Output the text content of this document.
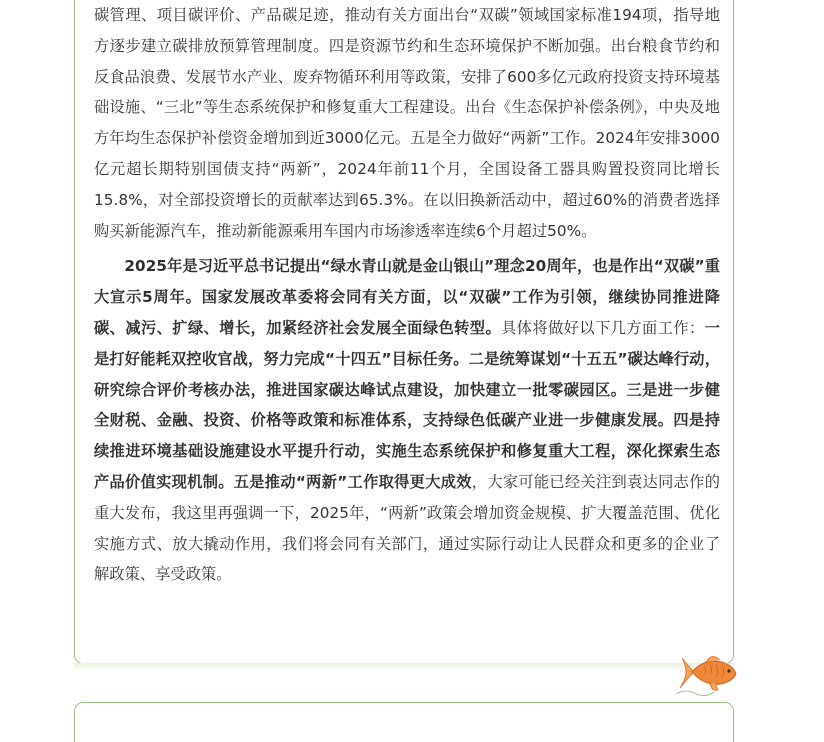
碳管理、项目碳评价、产品碳足迹，推动有关方面出台“双碳”领域国家标准194项，指导地方逐步建立碳排放预算管理制度。四是资源节约和生态环境保护不断加强。出台粮食节约和反食品浪费、发展节水产业、废弃物循环利用等政策，安排了600多亿元政府投资支持环境基础设施、“三北”等生态系统保护和修复重大工程建设。出台《生态保护补偿条例》，中央及地方年均生态保护补偿资金增加到近3000亿元。五是全力做好“两新”工作。2024年安排3000亿元超长期特别国债支持“两新”，2024年前11个月，全国设备工器具购置投资同比增长15.8%，对全部投资增长的贡献率达到65.3%。在以旧换新活动中，超过60%的消费者选择购买新能源汽车，推动新能源乘用车国内市场渗透率连续6个月超过50%。

2025年是习近平总书记提出“绿水青山就是金山银山”理念20周年，也是作出“双碳”重大宣示5周年。国家发展改革委将会同有关方面，以“双碳”工作为引领，继续协同推进降碳、减污、扩绿、增长，加紧经济社会发展全面绿色转型。具体将做好以下几方面工作：一是打好能耗双控收官战，努力完成“十四五”目标任务。二是统筹谋划“十五五”碳达峰行动，研究综合评价考核办法，推进国家碳达峰试点建设，加快建立一批零碳园区。三是进一步健全财税、金融、投资、价格等政策和标准体系，支持绿色低碳产业进一步健康发展。四是持续推进环境基础设施建设水平提升行动，实施生态系统保护和修复重大工程，深化探索生态产品价值实现机制。五是推动“两新”工作取得更大成效，大家可能已经关注到袁达同志作的重大发布，我这里再强调一下，2025年，“两新”政策会增加资金规模、扩大覆盖范围、优化实施方式、放大撬动作用，我们将会同有关部门，通过实际行动让人民群众和更多的企业了解政策、享受政策。
